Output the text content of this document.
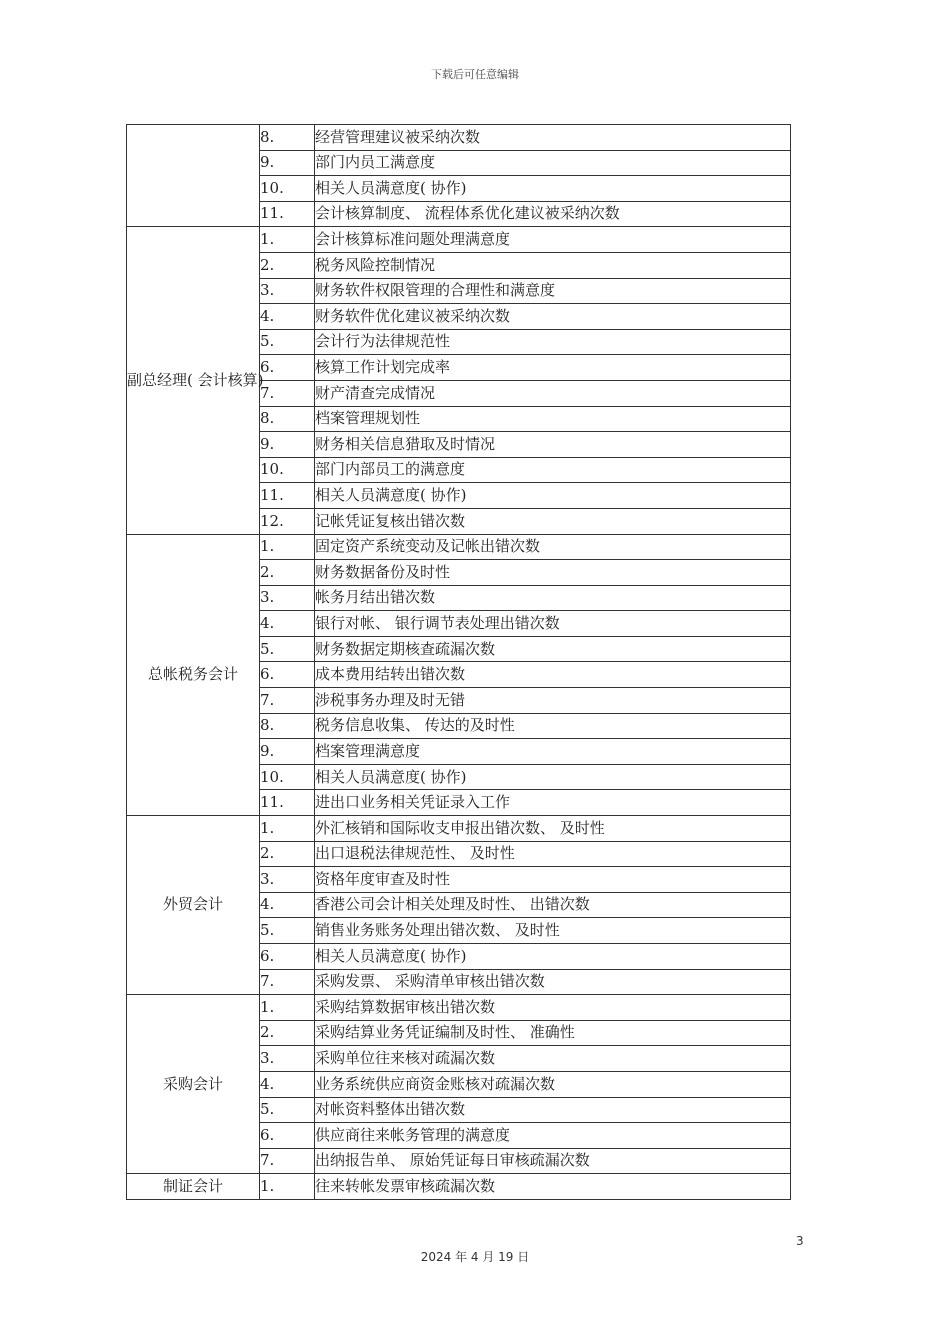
下载后可任意编辑
	8.	经营管理建议被采纳次数
	9.	部门内员工满意度
	10.	相关人员满意度( 协作)
	11.	会计核算制度、 流程体系优化建议被采纳次数
副总经理( 会计核算)	1.	会计核算标准问题处理满意度
	2.	税务风险控制情况
	3.	财务软件权限管理的合理性和满意度
	4.	财务软件优化建议被采纳次数
	5.	会计行为法律规范性
	6.	核算工作计划完成率
	7.	财产清查完成情况
	8.	档案管理规划性
	9.	财务相关信息猎取及时情况
	10.	部门内部员工的满意度
	11.	相关人员满意度( 协作)
	12.	记帐凭证复核出错次数
总帐税务会计	1.	固定资产系统变动及记帐出错次数
	2.	财务数据备份及时性
	3.	帐务月结出错次数
	4.	银行对帐、 银行调节表处理出错次数
	5.	财务数据定期核查疏漏次数
	6.	成本费用结转出错次数
	7.	涉税事务办理及时无错
	8.	税务信息收集、 传达的及时性
	9.	档案管理满意度
	10.	相关人员满意度( 协作)
	11.	进出口业务相关凭证录入工作
外贸会计	1.	外汇核销和国际收支申报出错次数、 及时性
	2.	出口退税法律规范性、 及时性
	3.	资格年度审查及时性
	4.	香港公司会计相关处理及时性、 出错次数
	5.	销售业务账务处理出错次数、 及时性
	6.	相关人员满意度( 协作)
	7.	采购发票、 采购清单审核出错次数
采购会计	1.	采购结算数据审核出错次数
	2.	采购结算业务凭证编制及时性、 准确性
	3.	采购单位往来核对疏漏次数
	4.	业务系统供应商资金账核对疏漏次数
	5.	对帐资料整体出错次数
	6.	供应商往来帐务管理的满意度
	7.	出纳报告单、 原始凭证每日审核疏漏次数
制证会计	1.	往来转帐发票审核疏漏次数
3
2024 年 4 月 19 日
